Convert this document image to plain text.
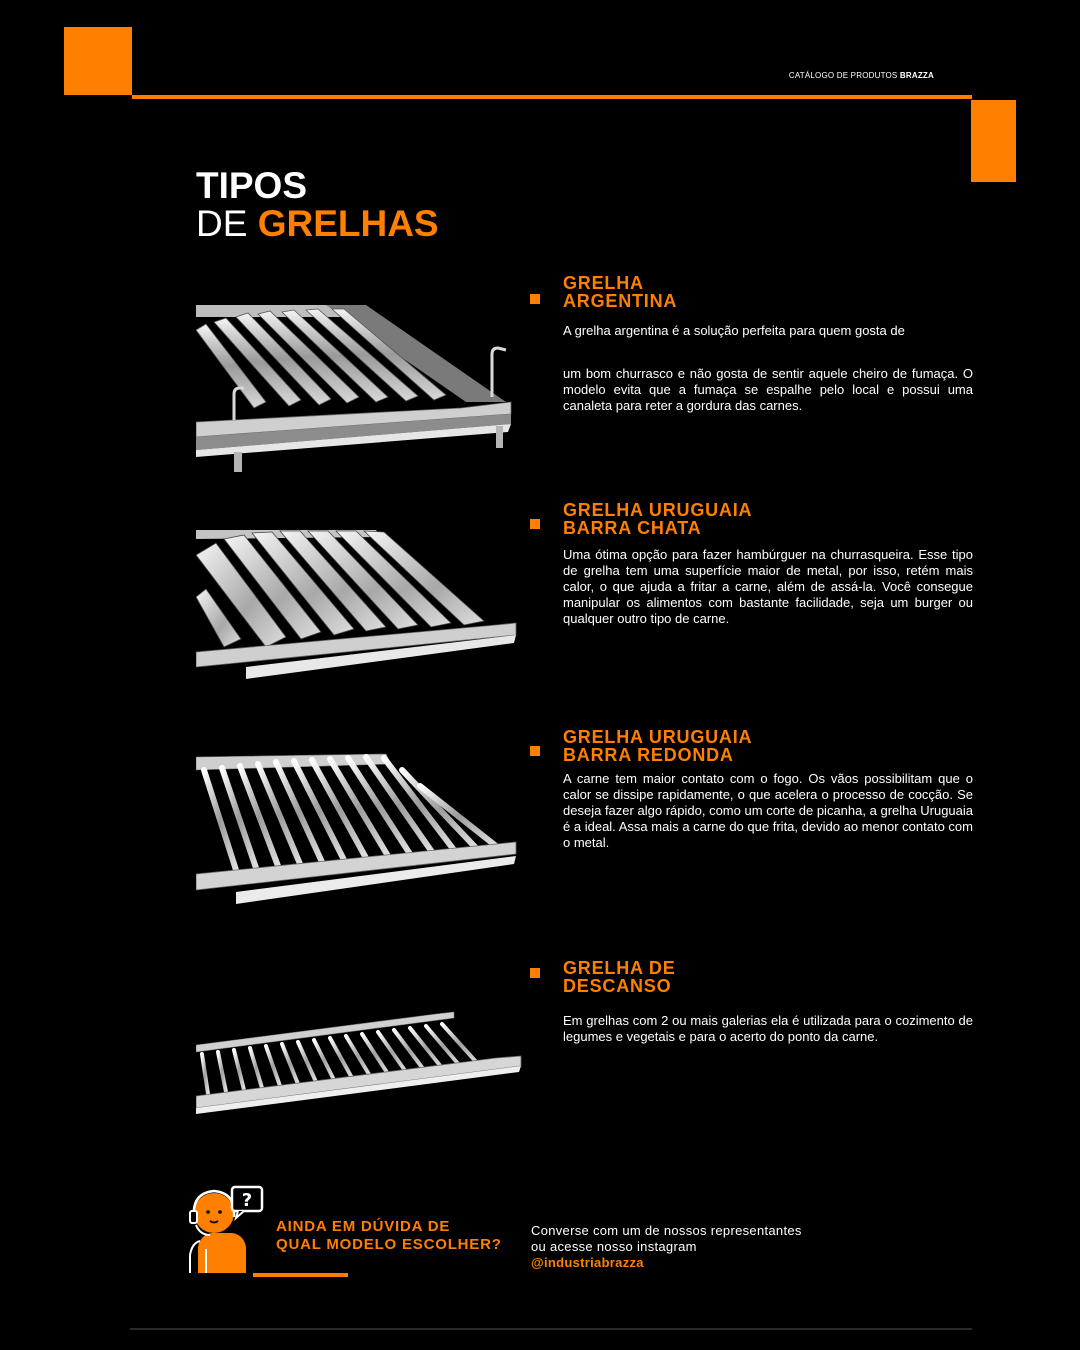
CATÁLOGO DE PRODUTOS BRAZZA
TIPOS
DE GRELHAS
GRELHA
ARGENTINA
A grelha argentina é a solução perfeita para quem gosta de
um bom churrasco e não gosta de sentir aquele cheiro de fumaça. O modelo evita que a fumaça se espalhe pelo local e possui uma canaleta para reter a gordura das carnes.
GRELHA URUGUAIA
BARRA CHATA
Uma ótima opção para fazer hambúrguer na churrasqueira. Esse tipo de grelha tem uma superfície maior de metal, por isso, retém mais calor, o que ajuda a fritar a carne, além de assá-la. Você consegue manipular os alimentos com bastante facilidade, seja um burger ou qualquer outro tipo de carne.
GRELHA URUGUAIA
BARRA REDONDA
A carne tem maior contato com o fogo. Os vãos possibilitam que o calor se dissipe rapidamente, o que acelera o processo de cocção. Se deseja fazer algo rápido, como um corte de picanha, a grelha Uruguaia é a ideal. Assa mais a carne do que frita, devido ao menor contato com o metal.
GRELHA DE
DESCANSO
Em grelhas com 2 ou mais galerias ela é utilizada para o cozimento de legumes e vegetais e para o acerto do ponto da carne.
?
AINDA EM DÚVIDA DE
QUAL MODELO ESCOLHER?
Converse com um de nossos representantes
ou acesse nosso instagram
@industriabrazza
